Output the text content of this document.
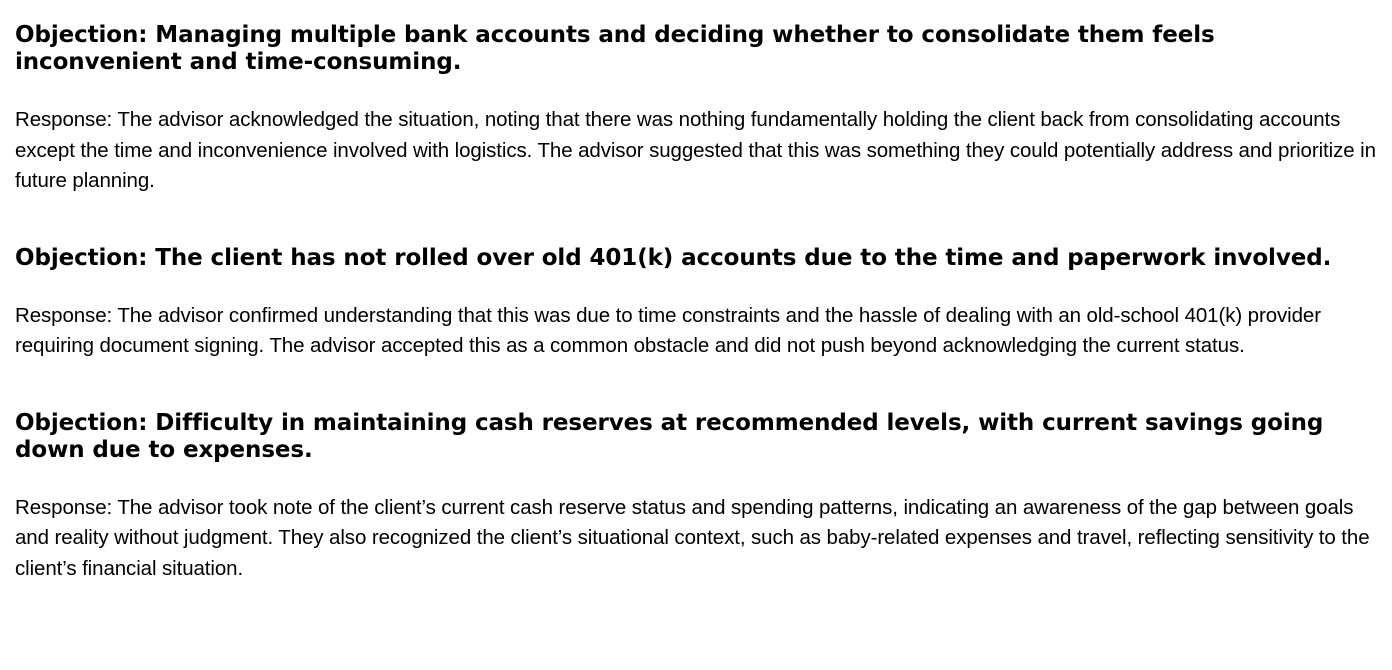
Objection: Managing multiple bank accounts and deciding whether to consolidate them feels inconvenient and time-consuming.

Response: The advisor acknowledged the situation, noting that there was nothing fundamentally holding the client back from consolidating accounts except the time and inconvenience involved with logistics. The advisor suggested that this was something they could potentially address and prioritize in future planning.

Objection: The client has not rolled over old 401(k) accounts due to the time and paperwork involved.

Response: The advisor confirmed understanding that this was due to time constraints and the hassle of dealing with an old-school 401(k) provider requiring document signing. The advisor accepted this as a common obstacle and did not push beyond acknowledging the current status.

Objection: Difficulty in maintaining cash reserves at recommended levels, with current savings going down due to expenses.

Response: The advisor took note of the client’s current cash reserve status and spending patterns, indicating an awareness of the gap between goals and reality without judgment. They also recognized the client’s situational context, such as baby-related expenses and travel, reflecting sensitivity to the client’s financial situation.
